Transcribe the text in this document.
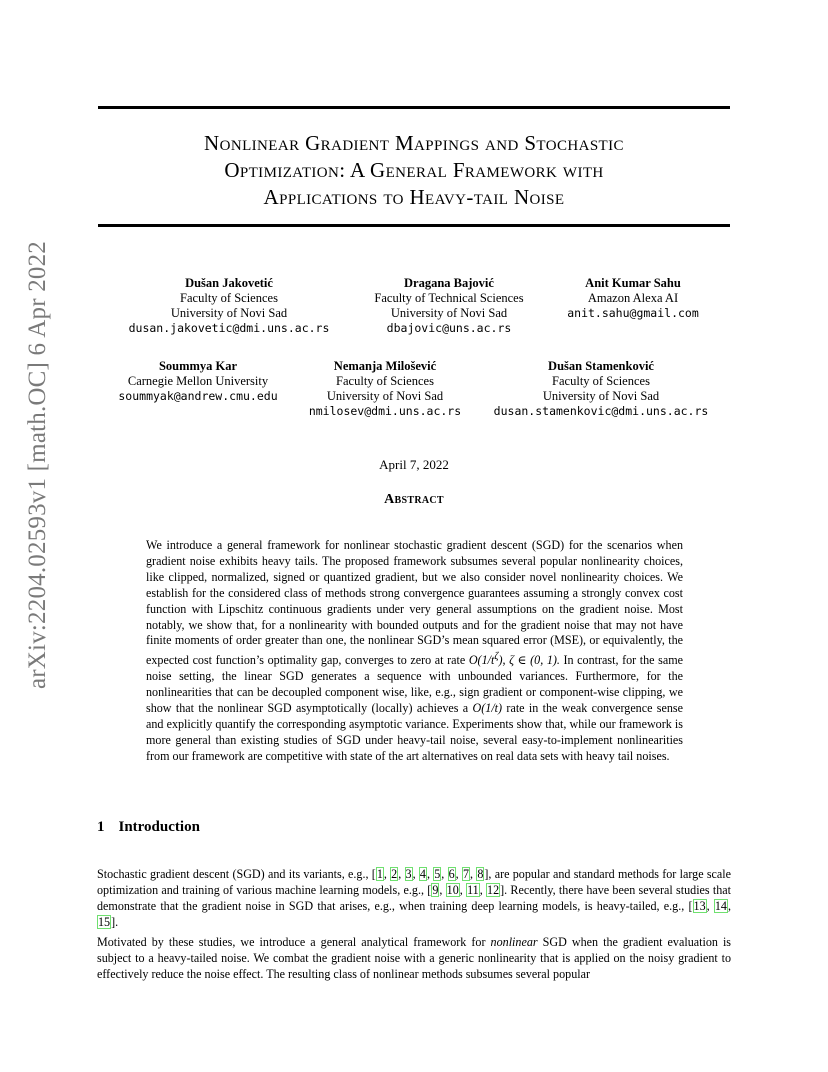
arXiv:2204.02593v1 [math.OC] 6 Apr 2022
Nonlinear Gradient Mappings and Stochastic
Optimization: A General Framework with
Applications to Heavy-tail Noise
Dušan Jakovetić
Faculty of Sciences
University of Novi Sad
dusan.jakovetic@dmi.uns.ac.rs
Dragana Bajović
Faculty of Technical Sciences
University of Novi Sad
dbajovic@uns.ac.rs
Anit Kumar Sahu
Amazon Alexa AI
anit.sahu@gmail.com
Soummya Kar
Carnegie Mellon University
soummyak@andrew.cmu.edu
Nemanja Milošević
Faculty of Sciences
University of Novi Sad
nmilosev@dmi.uns.ac.rs
Dušan Stamenković
Faculty of Sciences
University of Novi Sad
dusan.stamenkovic@dmi.uns.ac.rs
April 7, 2022
Abstract
We introduce a general framework for nonlinear stochastic gradient descent (SGD) for the scenarios when gradient noise exhibits heavy tails. The proposed framework subsumes several popular nonlinearity choices, like clipped, normalized, signed or quantized gradient, but we also consider novel nonlinearity choices. We establish for the considered class of methods strong convergence guarantees assuming a strongly convex cost function with Lipschitz continuous gradients under very general assumptions on the gradient noise. Most notably, we show that, for a nonlinearity with bounded outputs and for the gradient noise that may not have finite moments of order greater than one, the nonlinear SGD’s mean squared error (MSE), or equivalently, the expected cost function’s optimality gap, converges to zero at rate $O(1/t^\zeta)$, ζ ∈ (0, 1). In contrast, for the same noise setting, the linear SGD generates a sequence with unbounded variances. Furthermore, for the nonlinearities that can be decoupled component wise, like, e.g., sign gradient or component-wise clipping, we show that the nonlinear SGD asymptotically (locally) achieves a O(1/t) rate in the weak convergence sense and explicitly quantify the corresponding asymptotic variance. Experiments show that, while our framework is more general than existing studies of SGD under heavy-tail noise, several easy-to-implement nonlinearities from our framework are competitive with state of the art alternatives on real data sets with heavy tail noises.
1 Introduction

Stochastic gradient descent (SGD) and its variants, e.g., [1, 2, 3, 4, 5, 6, 7, 8], are popular and standard methods for large scale optimization and training of various machine learning models, e.g., [9, 10, 11, 12]. Recently, there have been several studies that demonstrate that the gradient noise in SGD that arises, e.g., when training deep learning models, is heavy-tailed, e.g., [13, 14, 15].

Motivated by these studies, we introduce a general analytical framework for nonlinear SGD when the gradient evaluation is subject to a heavy-tailed noise. We combat the gradient noise with a generic nonlinearity that is applied on the noisy gradient to effectively reduce the noise effect. The resulting class of nonlinear methods subsumes several popular
